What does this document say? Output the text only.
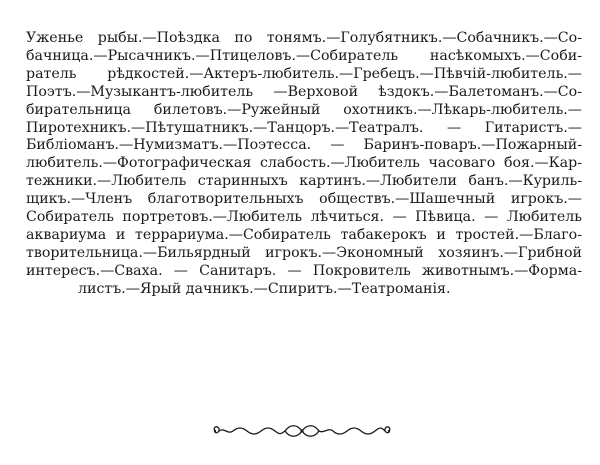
Уженье рыбы.—Поѣздка по тонямъ.—Голубятникъ.—Собачникъ.—Со-
бачница.—Рысачникъ.—Птицеловъ.—Собиратель насѣкомыхъ.—Соби-
ратель рѣдкостей.—Актеръ-любитель.—Гребецъ.—Пѣвчій-любитель.—
Поэтъ.—Музыкантъ-любитель —Верховой ѣздокъ.—Балетоманъ.—Со-
бирательница билетовъ.—Ружейный охотникъ.—Лѣкарь-любитель.—
Пиротехникъ.—Пѣтушатникъ.—Танцоръ.—Театралъ. — Гитаристъ.—
Библіоманъ.—Нумизматъ.—Поэтесса. — Баринъ-поваръ.—Пожарный-
любитель.—Фотографическая слабость.—Любитель часоваго боя.—Кар-
тежники.—Любитель старинныхъ картинъ.—Любители банъ.—Куриль-
щикъ.—Членъ благотворительныхъ обществъ.—Шашечный игрокъ.—
Собиратель портретовъ.—Любитель лѣчиться. — Пѣвица. — Любитель
аквариума и террариума.—Собиратель табакерокъ и тростей.—Благо-
творительница.—Бильярдный игрокъ.—Экономный хозяинъ.—Грибной
интересъ.—Сваха. — Санитаръ. — Покровитель животнымъ.—Форма-
листъ.—Ярый дачникъ.—Спиритъ.—Театроманія.
